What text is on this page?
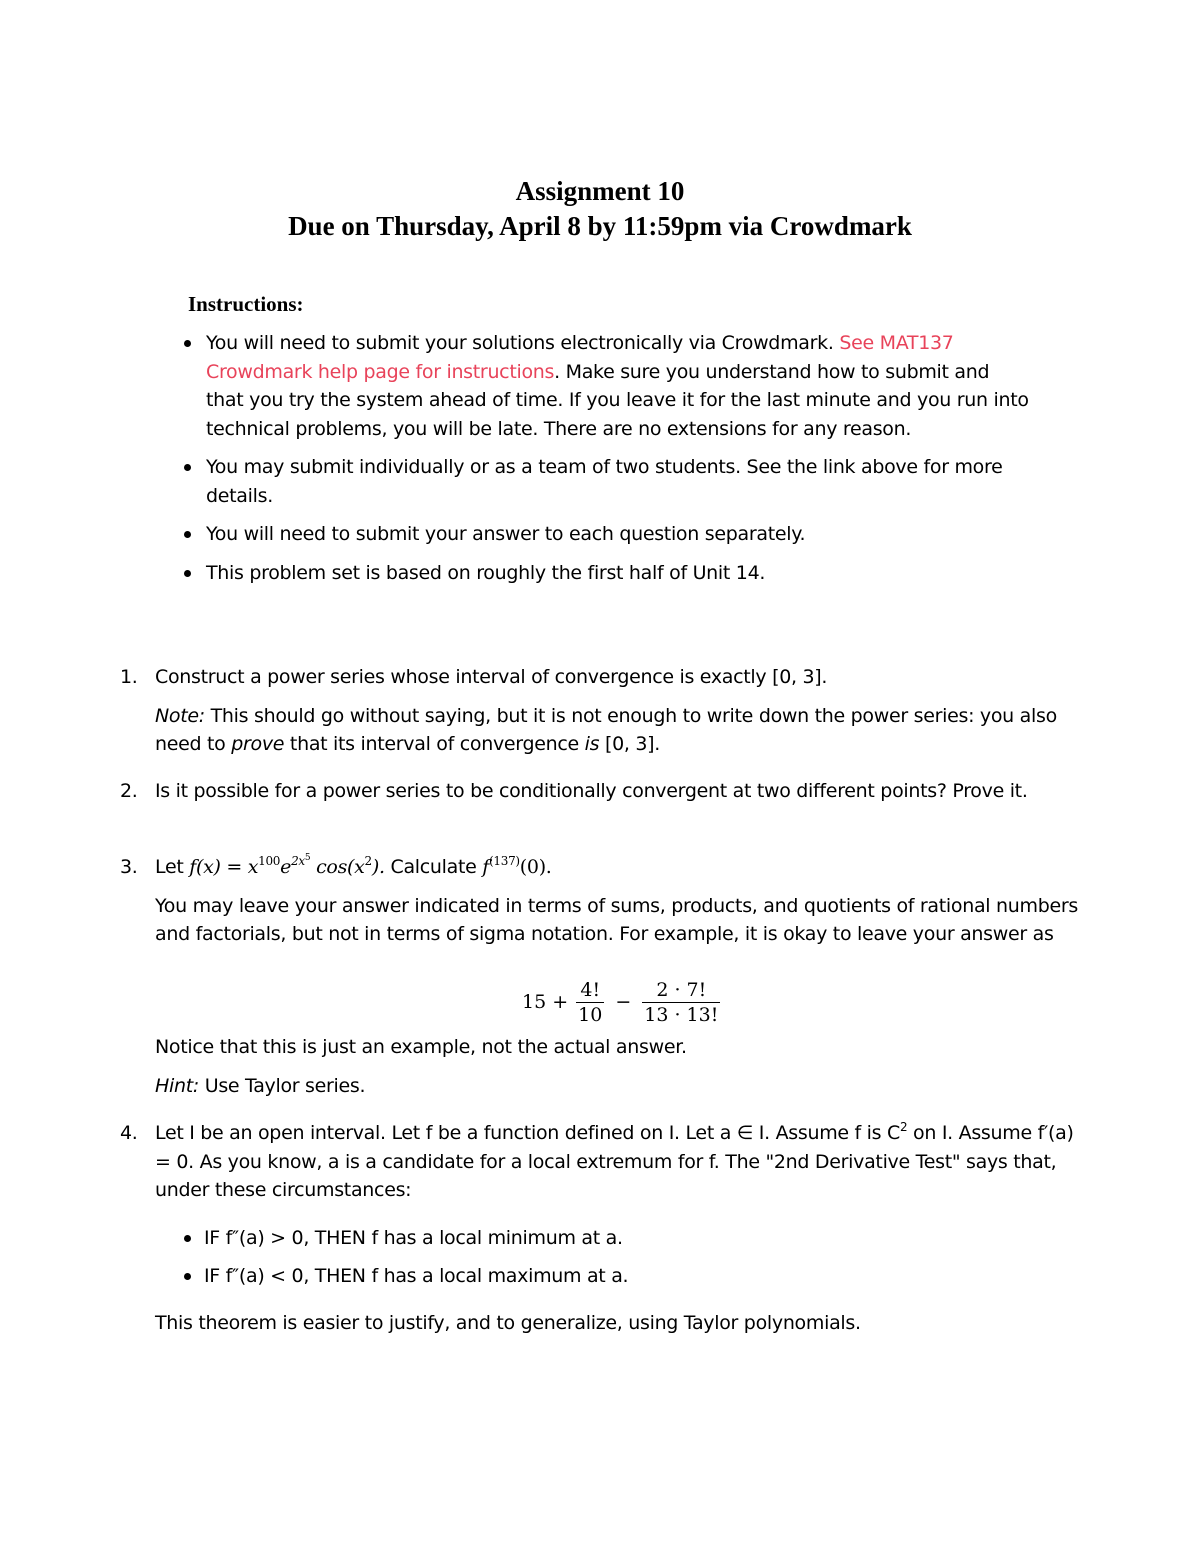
Assignment 10
Due on Thursday, April 8 by 11:59pm via Crowdmark
Instructions:
You will need to submit your solutions electronically via Crowdmark. See MAT137 Crowdmark help page for instructions. Make sure you understand how to submit and that you try the system ahead of time. If you leave it for the last minute and you run into technical problems, you will be late. There are no extensions for any reason.
You may submit individually or as a team of two students. See the link above for more details.
You will need to submit your answer to each question separately.
This problem set is based on roughly the first half of Unit 14.
1. Construct a power series whose interval of convergence is exactly [0, 3].

Note: This should go without saying, but it is not enough to write down the power series: you also need to prove that its interval of convergence is [0, 3].

2. Is it possible for a power series to be conditionally convergent at two different points? Prove it.

3. Let $f(x) = x^{100}e^{2x^5}$ $\cos(x^2)$. Calculate $f^{(137)}(0)$.

You may leave your answer indicated in terms of sums, products, and quotients of rational numbers and factorials, but not in terms of sigma notation. For example, it is okay to leave your answer as

$15 + \frac{4!}{10} - \frac{2 \cdot 7!}{13 \cdot 13!}$

Notice that this is just an example, not the actual answer.

Hint: Use Taylor series.

4. Let I be an open interval. Let f be a function defined on I. Let a ∈ I. Assume f is $C^2$ on I. Assume f′(a) = 0. As you know, a is a candidate for a local extremum for f. The "2nd Derivative Test" says that, under these circumstances:

IF f″(a) > 0, THEN f has a local minimum at a.
IF f″(a) < 0, THEN f has a local maximum at a.

This theorem is easier to justify, and to generalize, using Taylor polynomials.
